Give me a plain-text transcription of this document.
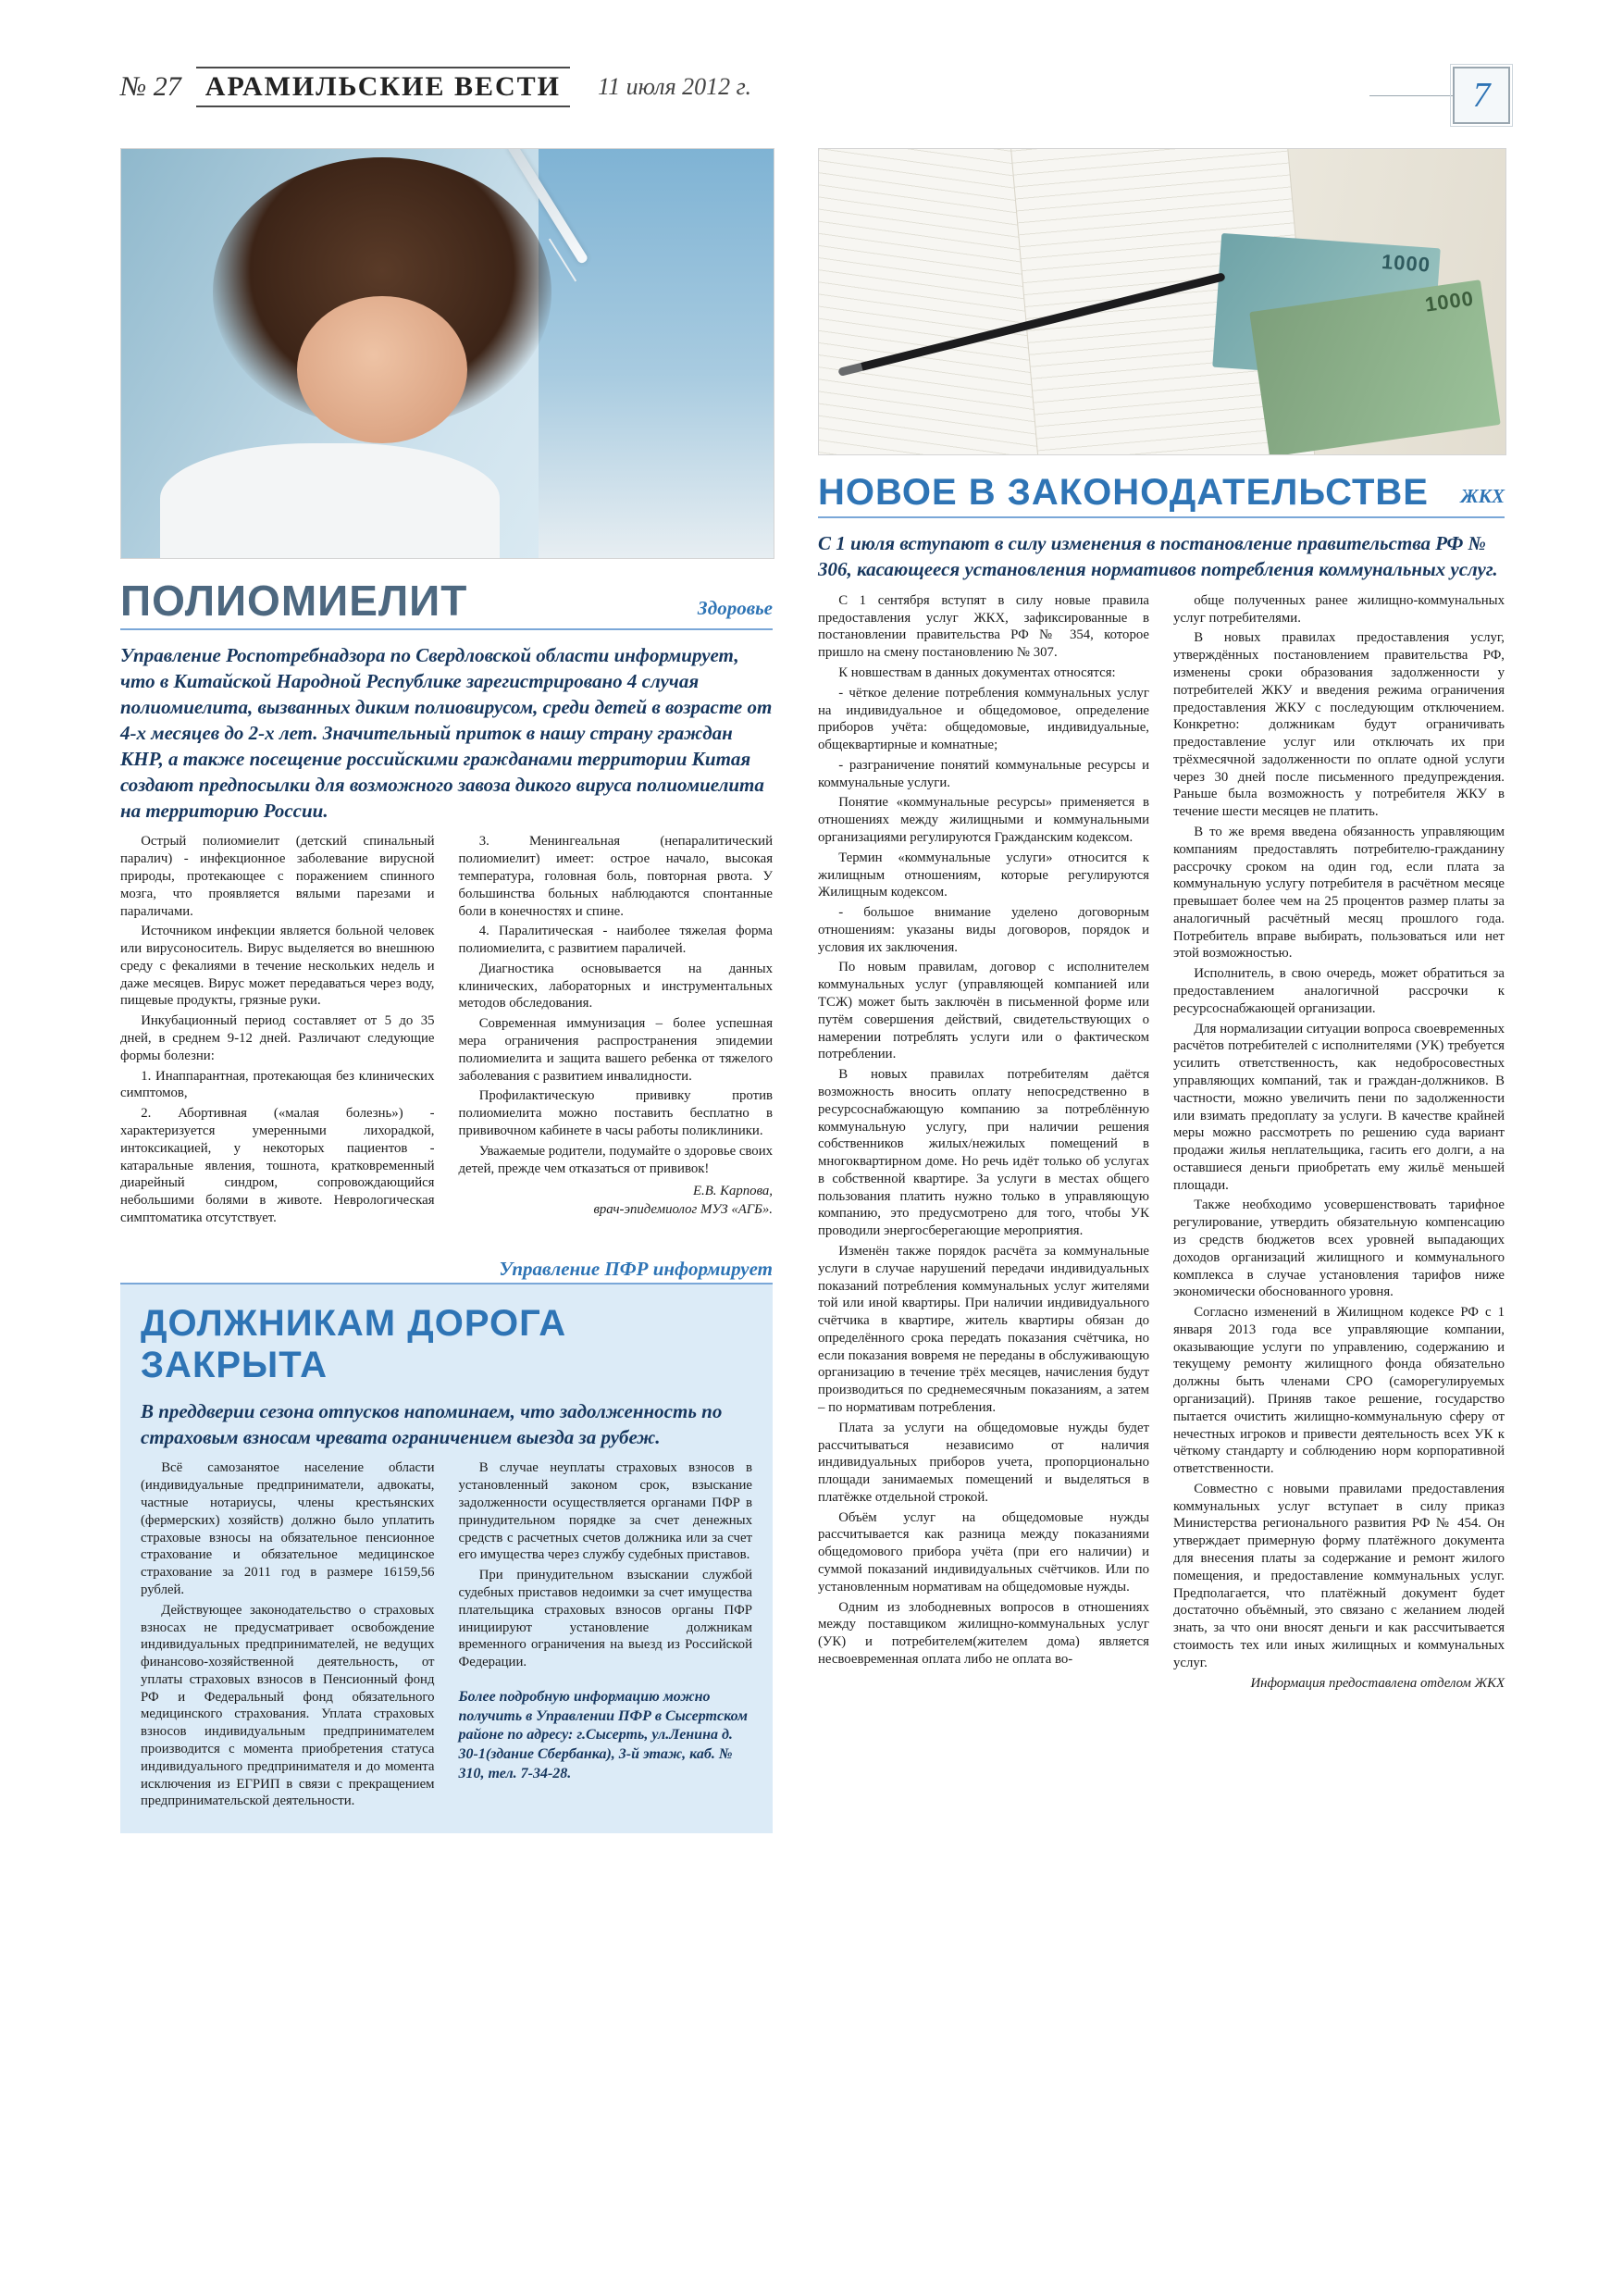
№ 27 АРАМИЛЬСКИЕ ВЕСТИ	11 июля 2012 г.	7
ПОЛИОМИЕЛИТ	Здоровье

Управление Роспотребнадзора по Свердловской области информирует, что в Китайской Народной Республике зарегистрировано 4 случая полиомиелита, вызванных диким полиовирусом, среди детей в возрасте от 4-х месяцев до 2-х лет. Значительный приток в нашу страну граждан КНР, а также посещение российскими гражданами территории Китая создают предпосылки для возможного завоза дикого вируса полиомиелита на территорию России.

Острый полиомиелит (детский спинальный паралич) - инфекционное заболевание вирусной природы, протекающее с поражением спинного мозга, что проявляется вялыми парезами и параличами.

Источником инфекции является больной человек или вирусоноситель. Вирус выделяется во внешнюю среду с фекалиями в течение нескольких недель и даже месяцев. Вирус может передаваться через воду, пищевые продукты, грязные руки.

Инкубационный период составляет от 5 до 35 дней, в среднем 9-12 дней. Различают следующие формы болезни:

1. Инаппарантная, протекающая без клинических симптомов,

2. Абортивная («малая болезнь») - характеризуется умеренными лихорадкой, интоксикацией, у некоторых пациентов - катаральные явления, тошнота, кратковременный диарейный синдром, сопровождающийся небольшими болями в животе. Неврологическая симптоматика отсутствует.

3. Менингеальная (непаралитический полиомиелит) имеет: острое начало, высокая температура, головная боль, повторная рвота. У большинства больных наблюдаются спонтанные боли в конечностях и спине.

4. Паралитическая - наиболее тяжелая форма полиомиелита, с развитием параличей.

Диагностика основывается на данных клинических, лабораторных и инструментальных методов обследования.

Современная иммунизация – более успешная мера ограничения распространения эпидемии полиомиелита и защита вашего ребенка от тяжелого заболевания с развитием инвалидности.

Профилактическую прививку против полиомиелита можно поставить бесплатно в прививочном кабинете в часы работы поликлиники.

Уважаемые родители, подумайте о здоровье своих детей, прежде чем отказаться от прививок!

Е.В. Карпова,

врач-эпидемиолог МУЗ «АГБ».

Управление ПФР информирует
ДОЛЖНИКАМ ДОРОГА ЗАКРЫТА

В преддверии сезона отпусков напоминаем, что задолженность по страховым взносам чревата ограничением выезда за рубеж.

Всё самозанятое население области (индивидуальные предприниматели, адвокаты, частные нотариусы, члены крестьянских (фермерских) хозяйств) должно было уплатить страховые взносы на обязательное пенсионное страхование и обязательное медицинское страхование за 2011 год в размере 16159,56 рублей.

Действующее законодательство о страховых взносах не предусматривает освобождение индивидуальных предпринимателей, не ведущих финансово-хозяйственной деятельность, от уплаты страховых взносов в Пенсионный фонд РФ и Федеральный фонд обязательного медицинского страхования. Уплата страховых взносов индивидуальным предпринимателем производится с момента приобретения статуса индивидуального предпринимателя и до момента исключения из ЕГРИП в связи с прекращением предпринимательской деятельности.

В случае неуплаты страховых взносов в установленный законом срок, взыскание задолженности осуществляется органами ПФР в принудительном порядке за счет денежных средств с расчетных счетов должника или за счет его имущества через службу судебных приставов.

При принудительном взыскании службой судебных приставов недоимки за счет имущества плательщика страховых взносов органы ПФР инициируют установление должникам временного ограничения на выезд из Российской Федерации.

Более подробную информацию можно получить в Управлении ПФР в Сысертском районе по адресу: г.Сысерть, ул.Ленина д. 30-1(здание Сбербанка), 3-й этаж, каб. № 310, тел. 7-34-28.

1000
1000
НОВОЕ В ЗАКОНОДАТЕЛЬСТВЕ ЖКХ

С 1 июля вступают в силу изменения в постановление правительства РФ № 306, касающееся установления нормативов потребления коммунальных услуг.

С 1 сентября вступят в силу новые правила предоставления услуг ЖКХ, зафиксированные в постановлении правительства РФ № 354, которое пришло на смену постановлению № 307.

К новшествам в данных документах относятся:

- чёткое деление потребления коммунальных услуг на индивидуальное и общедомовое, определение приборов учёта: общедомовые, индивидуальные, общеквартирные и комнатные;

- разграничение понятий коммунальные ресурсы и коммунальные услуги.

Понятие «коммунальные ресурсы» применяется в отношениях между жилищными и коммунальными организациями регулируются Гражданским кодексом.

Термин «коммунальные услуги» относится к жилищным отношениям, которые регулируются Жилищным кодексом.

- большое внимание уделено договорным отношениям: указаны виды договоров, порядок и условия их заключения.

По новым правилам, договор с исполнителем коммунальных услуг (управляющей компанией или ТСЖ) может быть заключён в письменной форме или путём совершения действий, свидетельствующих о намерении потреблять услуги или о фактическом потреблении.

В новых правилах потребителям даётся возможность вносить оплату непосредственно в ресурсоснабжающую компанию за потреблённую коммунальную услугу, при наличии решения собственников жилых/нежилых помещений в многоквартирном доме. Но речь идёт только об услугах в собственной квартире. За услуги в местах общего пользования платить нужно только в управляющую компанию, это предусмотрено для того, чтобы УК проводили энергосберегающие мероприятия.

Изменён также порядок расчёта за коммунальные услуги в случае нарушений передачи индивидуальных показаний потребления коммунальных услуг жителями той или иной квартиры. При наличии индивидуального счётчика в квартире, житель квартиры обязан до определённого срока передать показания счётчика, но если показания вовремя не переданы в обслуживающую организацию в течение трёх месяцев, начисления будут производиться по среднемесячным показаниям, а затем – по нормативам потребления.

Плата за услуги на общедомовые нужды будет рассчитываться независимо от наличия индивидуальных приборов учета, пропорционально площади занимаемых помещений и выделяться в платёжке отдельной строкой.

Объём услуг на общедомовые нужды рассчитывается как разница между показаниями общедомового прибора учёта (при его наличии) и суммой показаний индивидуальных счётчиков. Или по установленным нормативам на общедомовые нужды.

Одним из злободневных вопросов в отношениях между поставщиком жилищно-коммунальных услуг (УК) и потребителем(жителем дома) является несвоевременная оплата либо не оплата во-

обще полученных ранее жилищно-коммунальных услуг потребителями.

В новых правилах предоставления услуг, утверждённых постановлением правительства РФ, изменены сроки образования задолженности у потребителей ЖКУ и введения режима ограничения предоставления ЖКУ с последующим отключением. Конкретно: должникам будут ограничивать предоставление услуг или отключать их при трёхмесячной задолженности по оплате одной услуги через 30 дней после письменного предупреждения. Раньше была возможность у потребителя ЖКУ в течение шести месяцев не платить.

В то же время введена обязанность управляющим компаниям предоставлять потребителю-гражданину рассрочку сроком на один год, если плата за коммунальную услугу потребителя в расчётном месяце превышает более чем на 25 процентов размер платы за аналогичный расчётный месяц прошлого года. Потребитель вправе выбирать, пользоваться или нет этой возможностью.

Исполнитель, в свою очередь, может обратиться за предоставлением аналогичной рассрочки к ресурсоснабжающей организации.

Для нормализации ситуации вопроса своевременных расчётов потребителей с исполнителями (УК) требуется усилить ответственность, как недобросовестных управляющих компаний, так и граждан-должников. В частности, можно увеличить пени по задолженности или взимать предоплату за услуги. В качестве крайней меры можно рассмотреть по решению суда вариант продажи жилья неплательщика, гасить его долги, а на оставшиеся деньги приобретать ему жильё меньшей площади.

Также необходимо усовершенствовать тарифное регулирование, утвердить обязательную компенсацию из средств бюджетов всех уровней выпадающих доходов организаций жилищного и коммунального комплекса в случае установления тарифов ниже экономически обоснованного уровня.

Согласно изменений в Жилищном кодексе РФ с 1 января 2013 года все управляющие компании, оказывающие услуги по управлению, содержанию и текущему ремонту жилищного фонда обязательно должны быть членами СРО (саморегулируемых организаций). Приняв такое решение, государство пытается очистить жилищно-коммунальную сферу от нечестных игроков и привести деятельность всех УК к чёткому стандарту и соблюдению норм корпоративной ответственности.

Совместно с новыми правилами предоставления коммунальных услуг вступает в силу приказ Министерства регионального развития РФ № 454. Он утверждает примерную форму платёжного документа для внесения платы за содержание и ремонт жилого помещения, и предоставление коммунальных услуг. Предполагается, что платёжный документ будет достаточно объёмный, это связано с желанием людей знать, за что они вносят деньги и как рассчитывается стоимость тех или иных жилищных и коммунальных услуг.

Информация предоставлена отделом ЖКХ
